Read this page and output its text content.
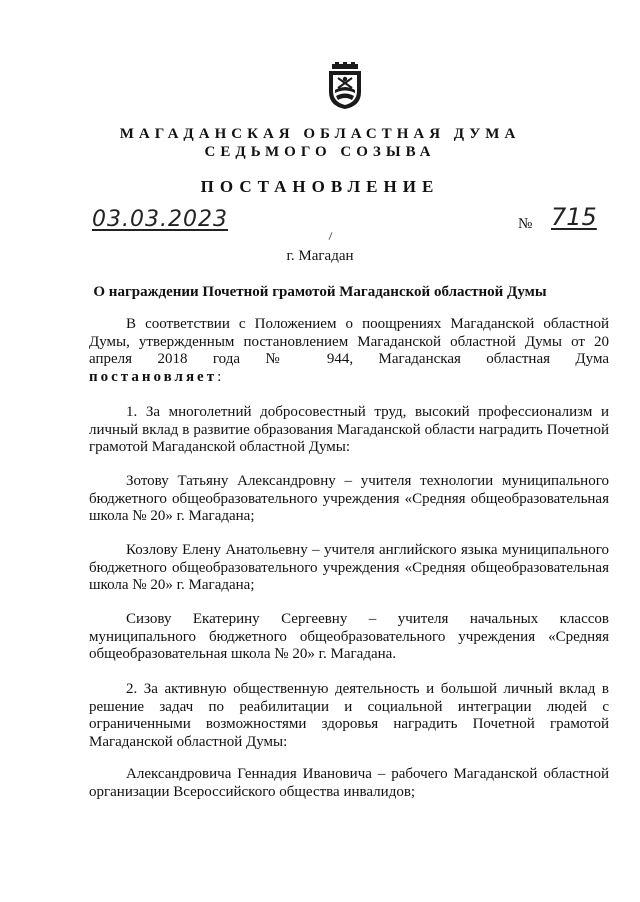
МАГАДАНСКАЯ ОБЛАСТНАЯ ДУМА

СЕДЬМОГО СОЗЫВА

ПОСТАНОВЛЕНИЕ

03.03.2023	№ 715
г. Магадан
О награждении Почетной грамотой Магаданской областной Думы

В соответствии с Положением о поощрениях Магаданской областной Думы, утвержденным постановлением Магаданской областной Думы от 20 апреля 2018 года № 944, Магаданская областная Дума
постановляет:

1. За многолетний добросовестный труд, высокий профессионализм и личный вклад в развитие образования Магаданской области наградить Почетной грамотой Магаданской областной Думы:

Зотову Татьяну Александровну – учителя технологии муниципального бюджетного общеобразовательного учреждения «Средняя общеобразовательная школа № 20» г. Магадана;

Козлову Елену Анатольевну – учителя английского языка муниципального бюджетного общеобразовательного учреждения «Средняя общеобразовательная школа № 20» г. Магадана;

Сизову Екатерину Сергеевну – учителя начальных классов муниципального бюджетного общеобразовательного учреждения «Средняя общеобразовательная школа № 20» г. Магадана.

2. За активную общественную деятельность и большой личный вклад в решение задач по реабилитации и социальной интеграции людей с ограниченными возможностями здоровья наградить Почетной грамотой Магаданской областной Думы:

Александровича Геннадия Ивановича – рабочего Магаданской областной организации Всероссийского общества инвалидов;
